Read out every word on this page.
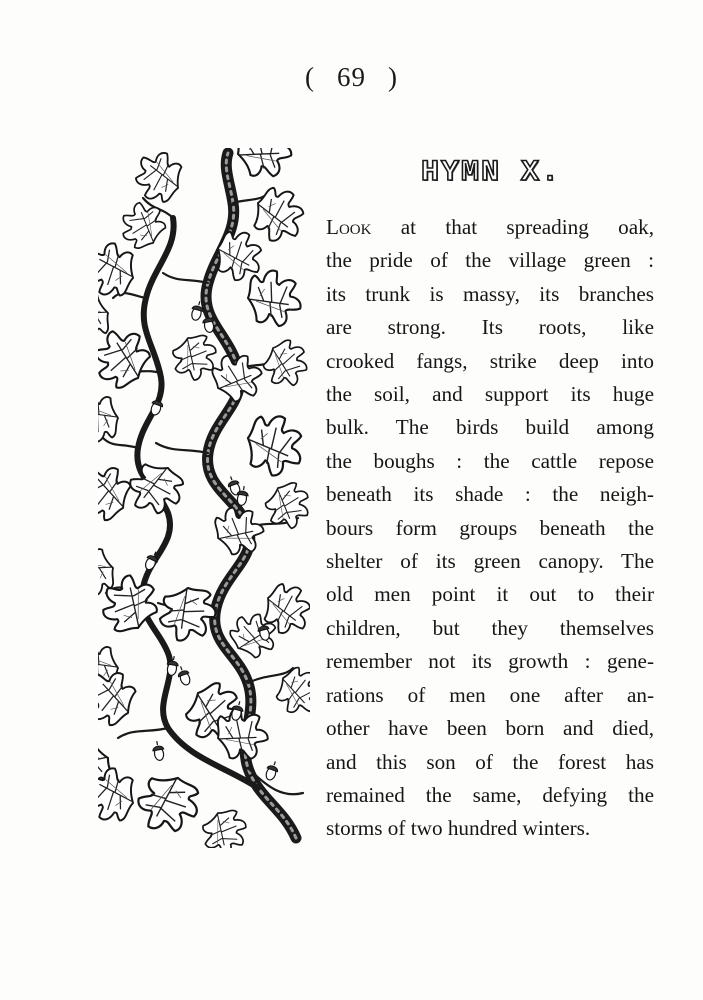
( 69 )
HYMN X.

Look at that spreading oak,
the pride of the village green :
its trunk is massy, its branches
are strong. Its roots, like
crooked fangs, strike deep into
the soil, and support its huge
bulk. The birds build among
the boughs : the cattle repose
beneath its shade : the neigh-
bours form groups beneath the
shelter of its green canopy. The
old men point it out to their
children, but they themselves
remember not its growth : gene-
rations of men one after an-
other have been born and died,
and this son of the forest has
remained the same, defying the
storms of two hundred winters.
